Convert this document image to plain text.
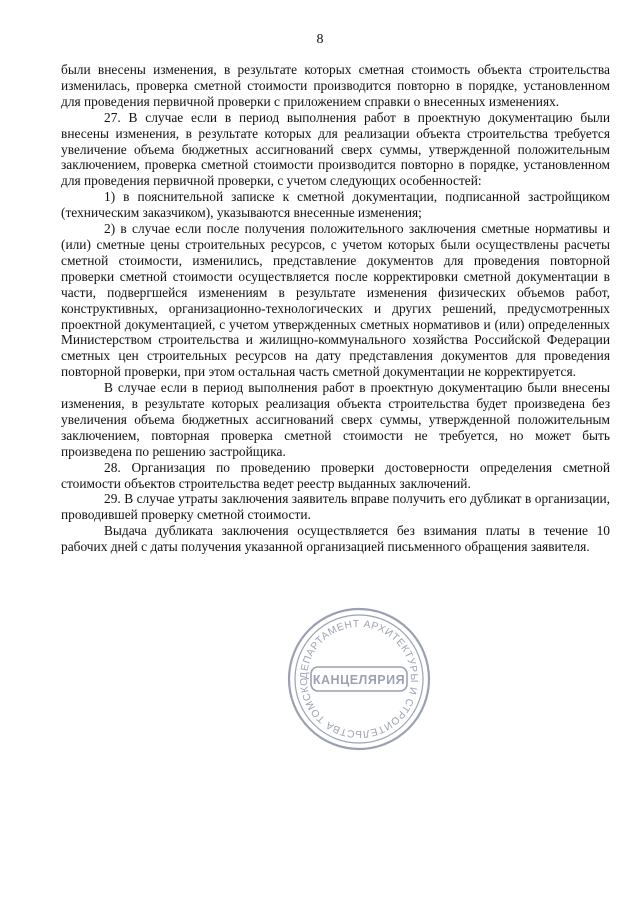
8

были внесены изменения, в результате которых сметная стоимость объекта строительства изменилась, проверка сметной стоимости производится повторно в порядке, установленном для проведения первичной проверки с приложением справки о внесенных изменениях.

27. В случае если в период выполнения работ в проектную документацию были внесены изменения, в результате которых для реализации объекта строительства требуется увеличение объема бюджетных ассигнований сверх суммы, утвержденной положительным заключением, проверка сметной стоимости производится повторно в порядке, установленном для проведения первичной проверки, с учетом следующих особенностей:

1) в пояснительной записке к сметной документации, подписанной застройщиком (техническим заказчиком), указываются внесенные изменения;

2) в случае если после получения положительного заключения сметные нормативы и (или) сметные цены строительных ресурсов, с учетом которых были осуществлены расчеты сметной стоимости, изменились, представление документов для проведения повторной проверки сметной стоимости осуществляется после корректировки сметной документации в части, подвергшейся изменениям в результате изменения физических объемов работ, конструктивных, организационно-технологических и других решений, предусмотренных проектной документацией, с учетом утвержденных сметных нормативов и (или) определенных Министерством строительства и жилищно-коммунального хозяйства Российской Федерации сметных цен строительных ресурсов на дату представления документов для проведения повторной проверки, при этом остальная часть сметной документации не корректируется.

В случае если в период выполнения работ в проектную документацию были внесены изменения, в результате которых реализация объекта строительства будет произведена без увеличения объема бюджетных ассигнований сверх суммы, утвержденной положительным заключением, повторная проверка сметной стоимости не требуется, но может быть произведена по решению застройщика.

28. Организация по проведению проверки достоверности определения сметной стоимости объектов строительства ведет реестр выданных заключений.

29. В случае утраты заключения заявитель вправе получить его дубликат в организации, проводившей проверку сметной стоимости.

Выдача дубликата заключения осуществляется без взимания платы в течение 10 рабочих дней с даты получения указанной организацией письменного обращения заявителя.

ДЕПАРТАМЕНТ АРХИТЕКТУРЫ И СТРОИТЕЛЬСТВА ТОМСКО КАНЦЕЛЯРИЯ
